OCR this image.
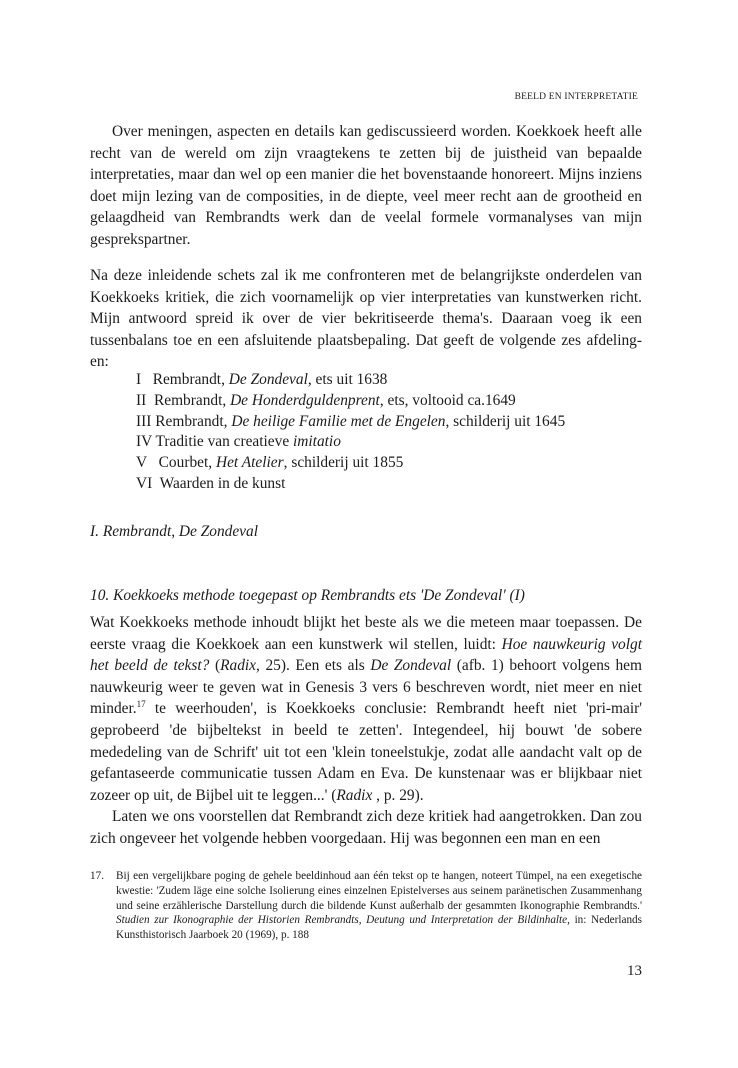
BEELD EN INTERPRETATIE

Over meningen, aspecten en details kan gediscussieerd worden. Koekkoek heeft alle recht van de wereld om zijn vraagtekens te zetten bij de juistheid van bepaalde interpretaties, maar dan wel op een manier die het bovenstaande honoreert. Mijns inziens doet mijn lezing van de composities, in de diepte, veel meer recht aan de grootheid en gelaagdheid van Rembrandts werk dan de veelal formele vormanalyses van mijn gesprekspartner.

Na deze inleidende schets zal ik me confronteren met de belangrijkste onderdelen van Koekkoeks kritiek, die zich voornamelijk op vier interpretaties van kunstwerken richt. Mijn antwoord spreid ik over de vier bekritiseerde thema's. Daaraan voeg ik een tussenbalans toe en een afsluitende plaatsbepaling. Dat geeft de volgende zes afdeling-en:

I Rembrandt, De Zondeval, ets uit 1638
II Rembrandt, De Honderdguldenprent, ets, voltooid ca.1649
III Rembrandt, De heilige Familie met de Engelen, schilderij uit 1645
IV Traditie van creatieve imitatio
V Courbet, Het Atelier, schilderij uit 1855
VI Waarden in de kunst
I. Rembrandt, De Zondeval
10. Koekkoeks methode toegepast op Rembrandts ets 'De Zondeval' (I)

Wat Koekkoeks methode inhoudt blijkt het beste als we die meteen maar toepassen. De eerste vraag die Koekkoek aan een kunstwerk wil stellen, luidt: Hoe nauwkeurig volgt het beeld de tekst? (Radix, 25). Een ets als De Zondeval (afb. 1) behoort volgens hem nauwkeurig weer te geven wat in Genesis 3 vers 6 beschreven wordt, niet meer en niet minder.$^{17}$ te weerhouden', is Koekkoeks conclusie: Rembrandt heeft niet 'pri-mair' geprobeerd 'de bijbeltekst in beeld te zetten'. Integendeel, hij bouwt 'de sobere mededeling van de Schrift' uit tot een 'klein toneelstukje, zodat alle aandacht valt op de gefantaseerde communicatie tussen Adam en Eva. De kunstenaar was er blijkbaar niet zozeer op uit, de Bijbel uit te leggen...' (Radix , p. 29).

Laten we ons voorstellen dat Rembrandt zich deze kritiek had aangetrokken. Dan zou zich ongeveer het volgende hebben voorgedaan. Hij was begonnen een man en een

17. Bij een vergelijkbare poging de gehele beeldinhoud aan één tekst op te hangen, noteert Tümpel, na een exegetische kwestie: 'Zudem läge eine solche Isolierung eines einzelnen Epistelverses aus seinem paränetischen Zusammenhang und seine erzählerische Darstellung durch die bildende Kunst außerhalb der gesammten Ikonographie Rembrandts.' Studien zur Ikonographie der Historien Rembrandts, Deutung und Interpretation der Bildinhalte, in: Nederlands Kunsthistorisch Jaarboek 20 (1969), p. 188
13
